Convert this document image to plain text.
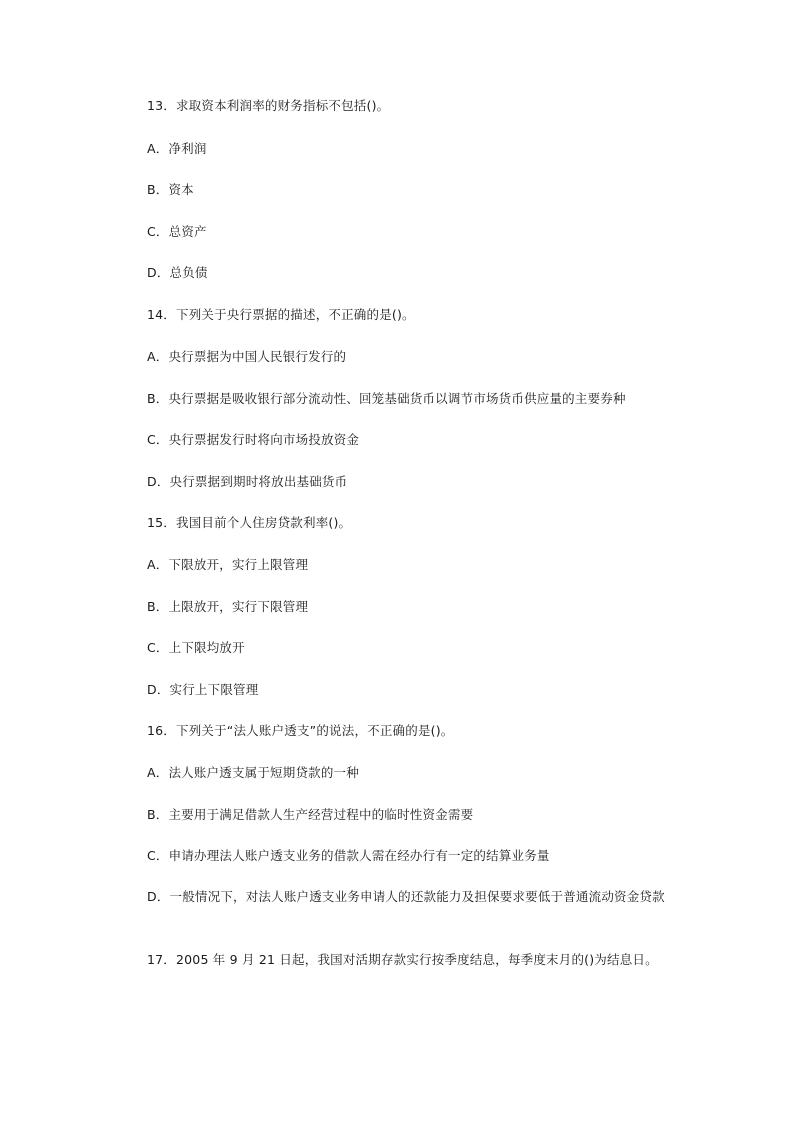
13．求取资本利润率的财务指标不包括()。
A．净利润
B．资本
C．总资产
D．总负债
14．下列关于央行票据的描述，不正确的是()。
A．央行票据为中国人民银行发行的
B．央行票据是吸收银行部分流动性、回笼基础货币以调节市场货币供应量的主要券种
C．央行票据发行时将向市场投放资金
D．央行票据到期时将放出基础货币
15．我国目前个人住房贷款利率()。
A．下限放开，实行上限管理
B．上限放开，实行下限管理
C．上下限均放开
D．实行上下限管理
16．下列关于“法人账户透支”的说法，不正确的是()。
A．法人账户透支属于短期贷款的一种
B．主要用于满足借款人生产经营过程中的临时性资金需要
C．申请办理法人账户透支业务的借款人需在经办行有一定的结算业务量
D．一般情况下，对法人账户透支业务申请人的还款能力及担保要求要低于普通流动资金贷款
17．2005 年 9 月 21 日起，我国对活期存款实行按季度结息，每季度末月的()为结息日。
